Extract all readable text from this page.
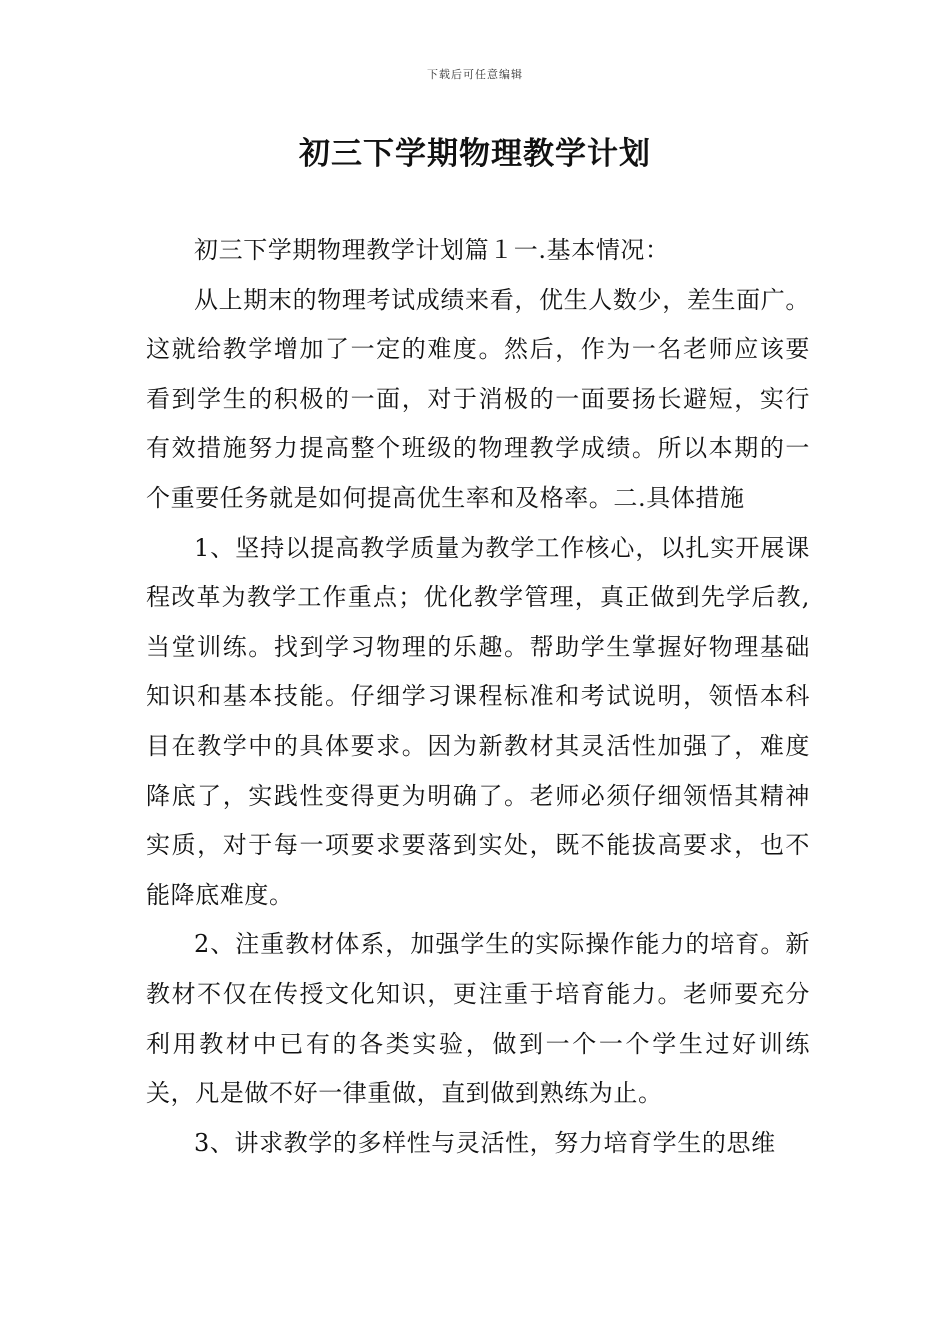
下载后可任意编辑
初三下学期物理教学计划

初三下学期物理教学计划篇１一.基本情况：

从上期末的物理考试成绩来看，优生人数少，差生面广。这就给教学增加了一定的难度。然后，作为一名老师应该要看到学生的积极的一面，对于消极的一面要扬长避短，实行有效措施努力提高整个班级的物理教学成绩。所以本期的一个重要任务就是如何提高优生率和及格率。二.具体措施

1、坚持以提高教学质量为教学工作核心，以扎实开展课程改革为教学工作重点；优化教学管理，真正做到先学后教,当堂训练。找到学习物理的乐趣。帮助学生掌握好物理基础知识和基本技能。仔细学习课程标准和考试说明，领悟本科目在教学中的具体要求。因为新教材其灵活性加强了，难度降底了，实践性变得更为明确了。老师必须仔细领悟其精神实质，对于每一项要求要落到实处，既不能拔高要求，也不能降底难度。

2、注重教材体系，加强学生的实际操作能力的培育。新教材不仅在传授文化知识，更注重于培育能力。老师要充分利用教材中已有的各类实验，做到一个一个学生过好训练关，凡是做不好一律重做，直到做到熟练为止。

3、讲求教学的多样性与灵活性，努力培育学生的思维
